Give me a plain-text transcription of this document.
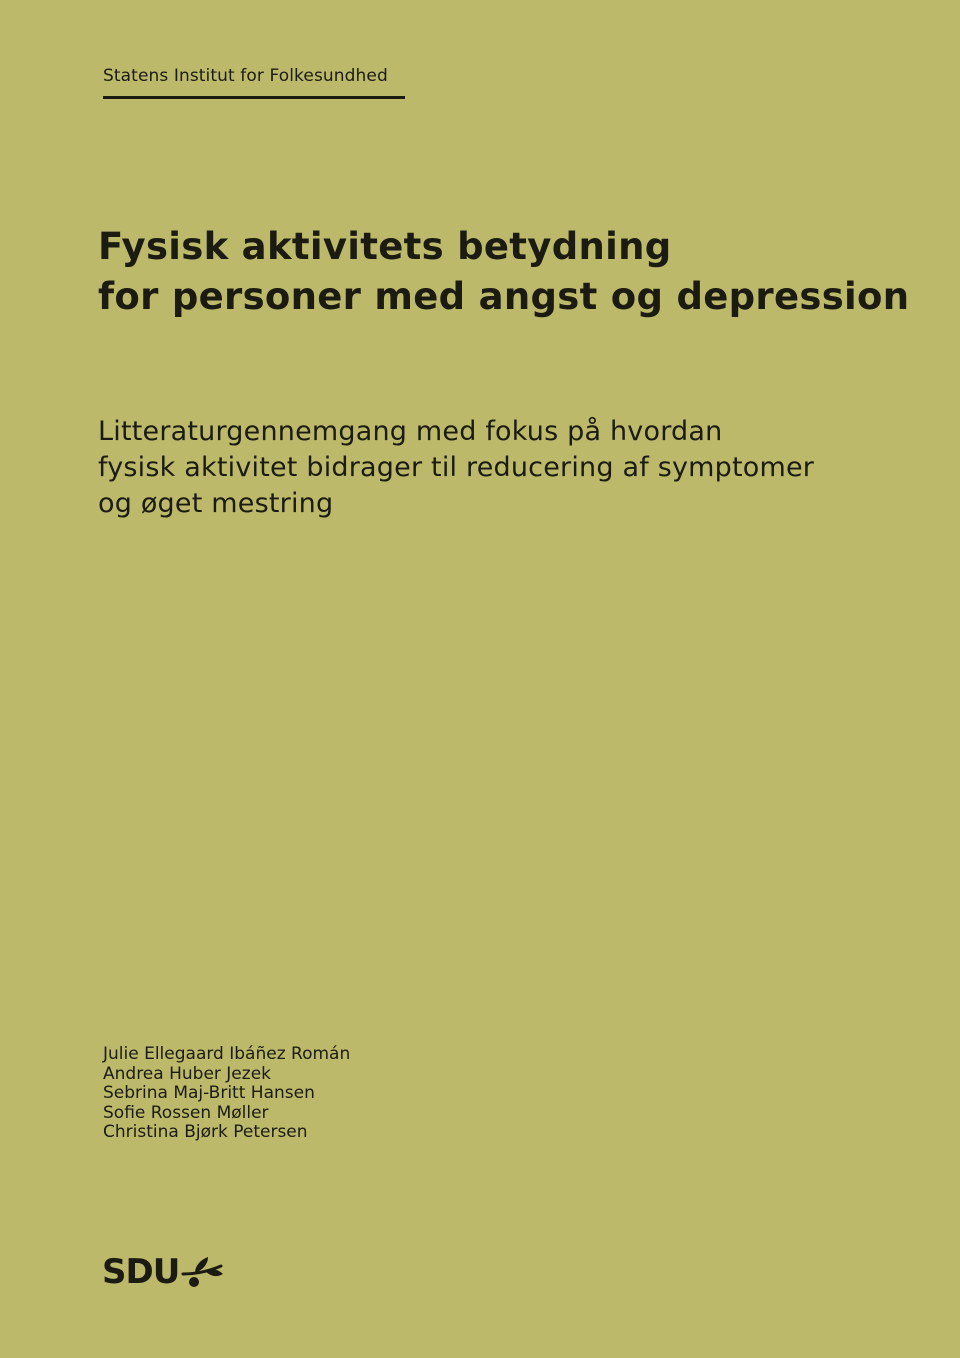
Statens Institut for Folkesundhed
Fysisk aktivitets betydning
for personer med angst og depression
Litteraturgennemgang med fokus på hvordan
fysisk aktivitet bidrager til reducering af symptomer
og øget mestring
Julie Ellegaard Ibáñez Román
Andrea Huber Jezek
Sebrina Maj-Britt Hansen
Sofie Rossen Møller
Christina Bjørk Petersen
SDU
